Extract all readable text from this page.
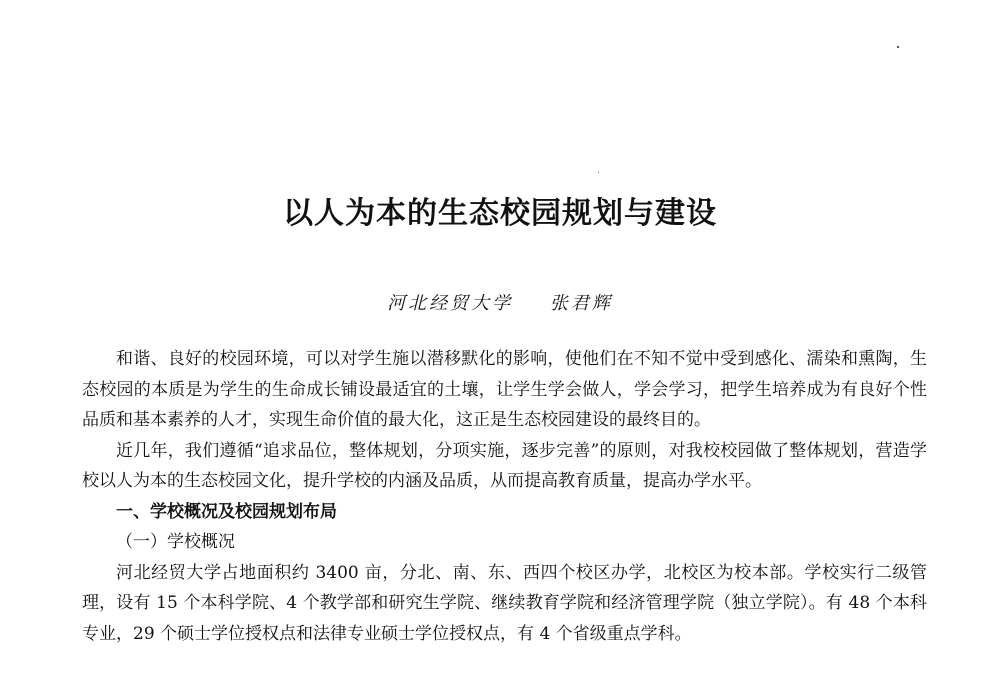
以人为本的生态校园规划与建设
河北经贸大学 张君辉

和谐、良好的校园环境，可以对学生施以潜移默化的影响，使他们在不知不觉中受到感化、濡染和熏陶，生态校园的本质是为学生的生命成长铺设最适宜的土壤，让学生学会做人，学会学习，把学生培养成为有良好个性品质和基本素养的人才，实现生命价值的最大化，这正是生态校园建设的最终目的。

近几年，我们遵循“追求品位，整体规划，分项实施，逐步完善”的原则，对我校校园做了整体规划，营造学校以人为本的生态校园文化，提升学校的内涵及品质，从而提高教育质量，提高办学水平。

一、学校概况及校园规划布局

（一）学校概况

河北经贸大学占地面积约 3400 亩，分北、南、东、西四个校区办学，北校区为校本部。学校实行二级管理，设有 15 个本科学院、4 个教学部和研究生学院、继续教育学院和经济管理学院（独立学院）。有 48 个本科专业，29 个硕士学位授权点和法律专业硕士学位授权点，有 4 个省级重点学科。
